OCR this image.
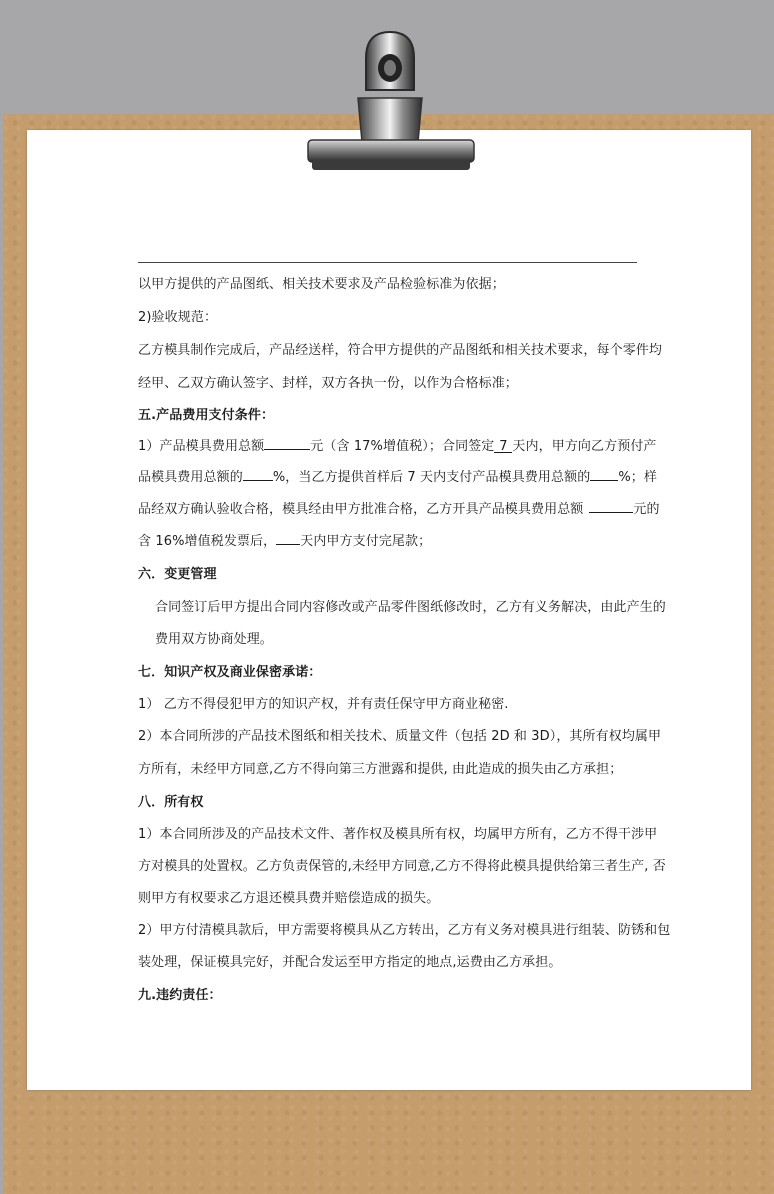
以甲方提供的产品图纸、相关技术要求及产品检验标准为依据；

2)验收规范：

乙方模具制作完成后，产品经送样，符合甲方提供的产品图纸和相关技术要求，每个零件均

经甲、乙双方确认签字、封样，双方各执一份，以作为合格标准；

五.产品费用支付条件：

1）产品模具费用总额	元（含 17%增值税）；合同签定 7 天内，甲方向乙方预付产

品模具费用总额的 %，当乙方提供首样后 7 天内支付产品模具费用总额的 %；样

品经双方确认验收合格，模具经由甲方批准合格，乙方开具产品模具费用总额	元的

含 16%增值税发票后， 天内甲方支付完尾款；

六．变更管理

合同签订后甲方提出合同内容修改或产品零件图纸修改时，乙方有义务解决，由此产生的

费用双方协商处理。

七．知识产权及商业保密承诺：

1） 乙方不得侵犯甲方的知识产权，并有责任保守甲方商业秘密.

2）本合同所涉的产品技术图纸和相关技术、质量文件（包括 2D 和 3D），其所有权均属甲

方所有，未经甲方同意,乙方不得向第三方泄露和提供, 由此造成的损失由乙方承担；

八．所有权

1）本合同所涉及的产品技术文件、著作权及模具所有权，均属甲方所有，乙方不得干涉甲

方对模具的处置权。乙方负责保管的,未经甲方同意,乙方不得将此模具提供给第三者生产, 否

则甲方有权要求乙方退还模具费并赔偿造成的损失。

2）甲方付清模具款后，甲方需要将模具从乙方转出，乙方有义务对模具进行组装、防锈和包

装处理，保证模具完好，并配合发运至甲方指定的地点,运费由乙方承担。

九.违约责任：
